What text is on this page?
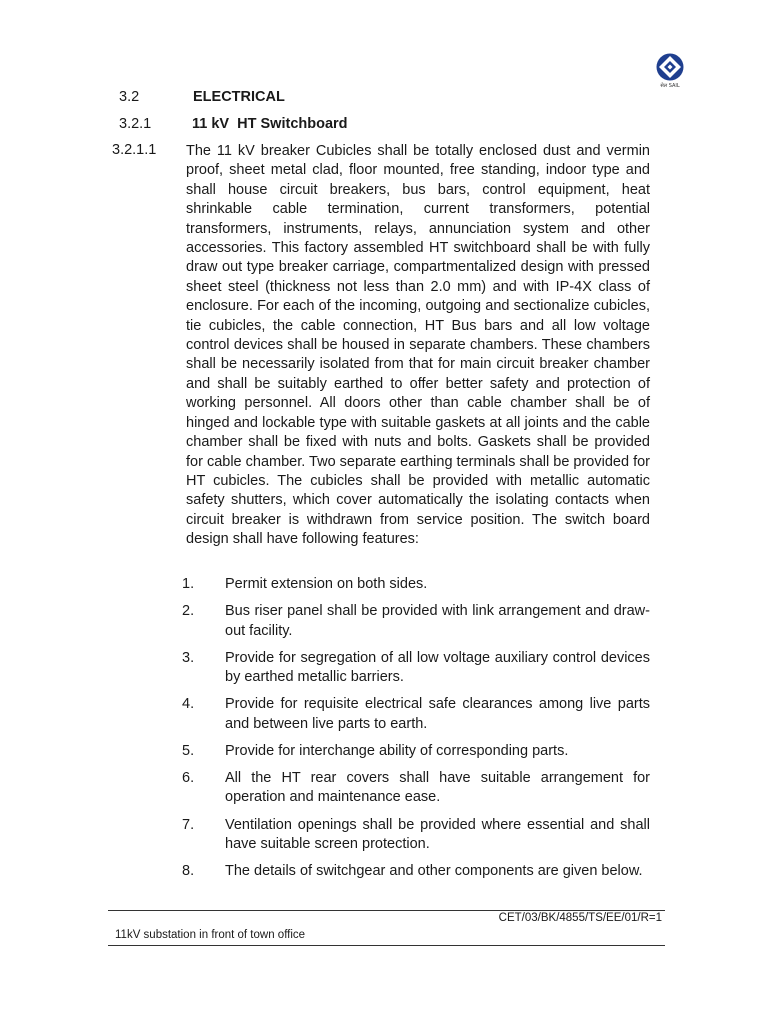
सेल SAIL
3.2	ELECTRICAL
3.2.1	11 kV  HT Switchboard
3.2.1.1 The 11 kV breaker Cubicles shall be totally enclosed dust and vermin proof, sheet metal clad, floor mounted, free standing, indoor type and shall house circuit breakers, bus bars, control equipment, heat shrinkable cable termination, current transformers, potential transformers, instruments, relays, annunciation system and other accessories. This factory assembled HT switchboard shall be with fully draw out type breaker carriage, compartmentalized design with pressed sheet steel (thickness not less than 2.0 mm) and with IP-4X class of enclosure. For each of the incoming, outgoing and sectionalize cubicles, tie cubicles, the cable connection, HT Bus bars and all low voltage control devices shall be housed in separate chambers. These chambers shall be necessarily isolated from that for main circuit breaker chamber and shall be suitably earthed to offer better safety and protection of working personnel. All doors other than cable chamber shall be of hinged and lockable type with suitable gaskets at all joints and the cable chamber shall be fixed with nuts and bolts. Gaskets shall be provided for cable chamber. Two separate earthing terminals shall be provided for HT cubicles. The cubicles shall be provided with metallic automatic safety shutters, which cover automatically the isolating contacts when circuit breaker is withdrawn from service position. The switch board design shall have following features:
1.	Permit extension on both sides.
2.	Bus riser panel shall be provided with link arrangement and draw-out facility.
3.	Provide for segregation of all low voltage auxiliary control devices by earthed metallic barriers.
4.	Provide for requisite electrical safe clearances among live parts and between live parts to earth.
5.	Provide for interchange ability of corresponding parts.
6.	All the HT rear covers shall have suitable arrangement for operation and maintenance ease.
7.	Ventilation openings shall be provided where essential and shall have suitable screen protection.
8.	The details of switchgear and other components are given below.
CET/03/BK/4855/TS/EE/01/R=1
11kV substation in front of town office
